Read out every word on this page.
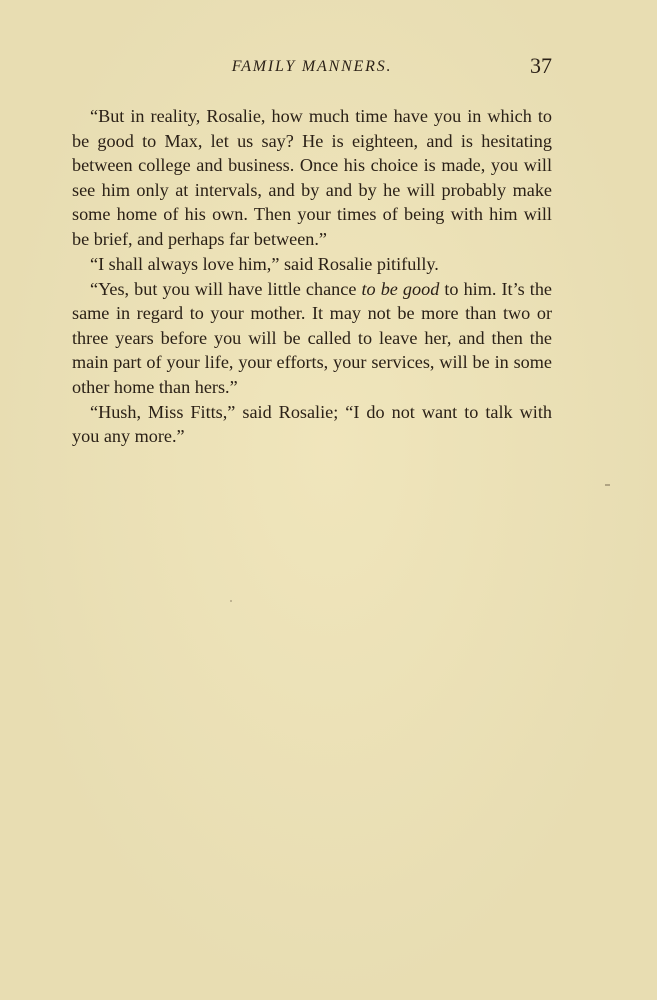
FAMILY MANNERS.	37

“But in reality, Rosalie, how much time have you in which to be good to Max, let us say? He is eighteen, and is hesitating between college and business. Once his choice is made, you will see him only at intervals, and by and by he will probably make some home of his own. Then your times of being with him will be brief, and perhaps far between.”

“I shall always love him,” said Rosalie pitifully.

“Yes, but you will have little chance to be good to him. It’s the same in regard to your mother. It may not be more than two or three years before you will be called to leave her, and then the main part of your life, your efforts, your services, will be in some other home than hers.”

“Hush, Miss Fitts,” said Rosalie; “I do not want to talk with you any more.”
